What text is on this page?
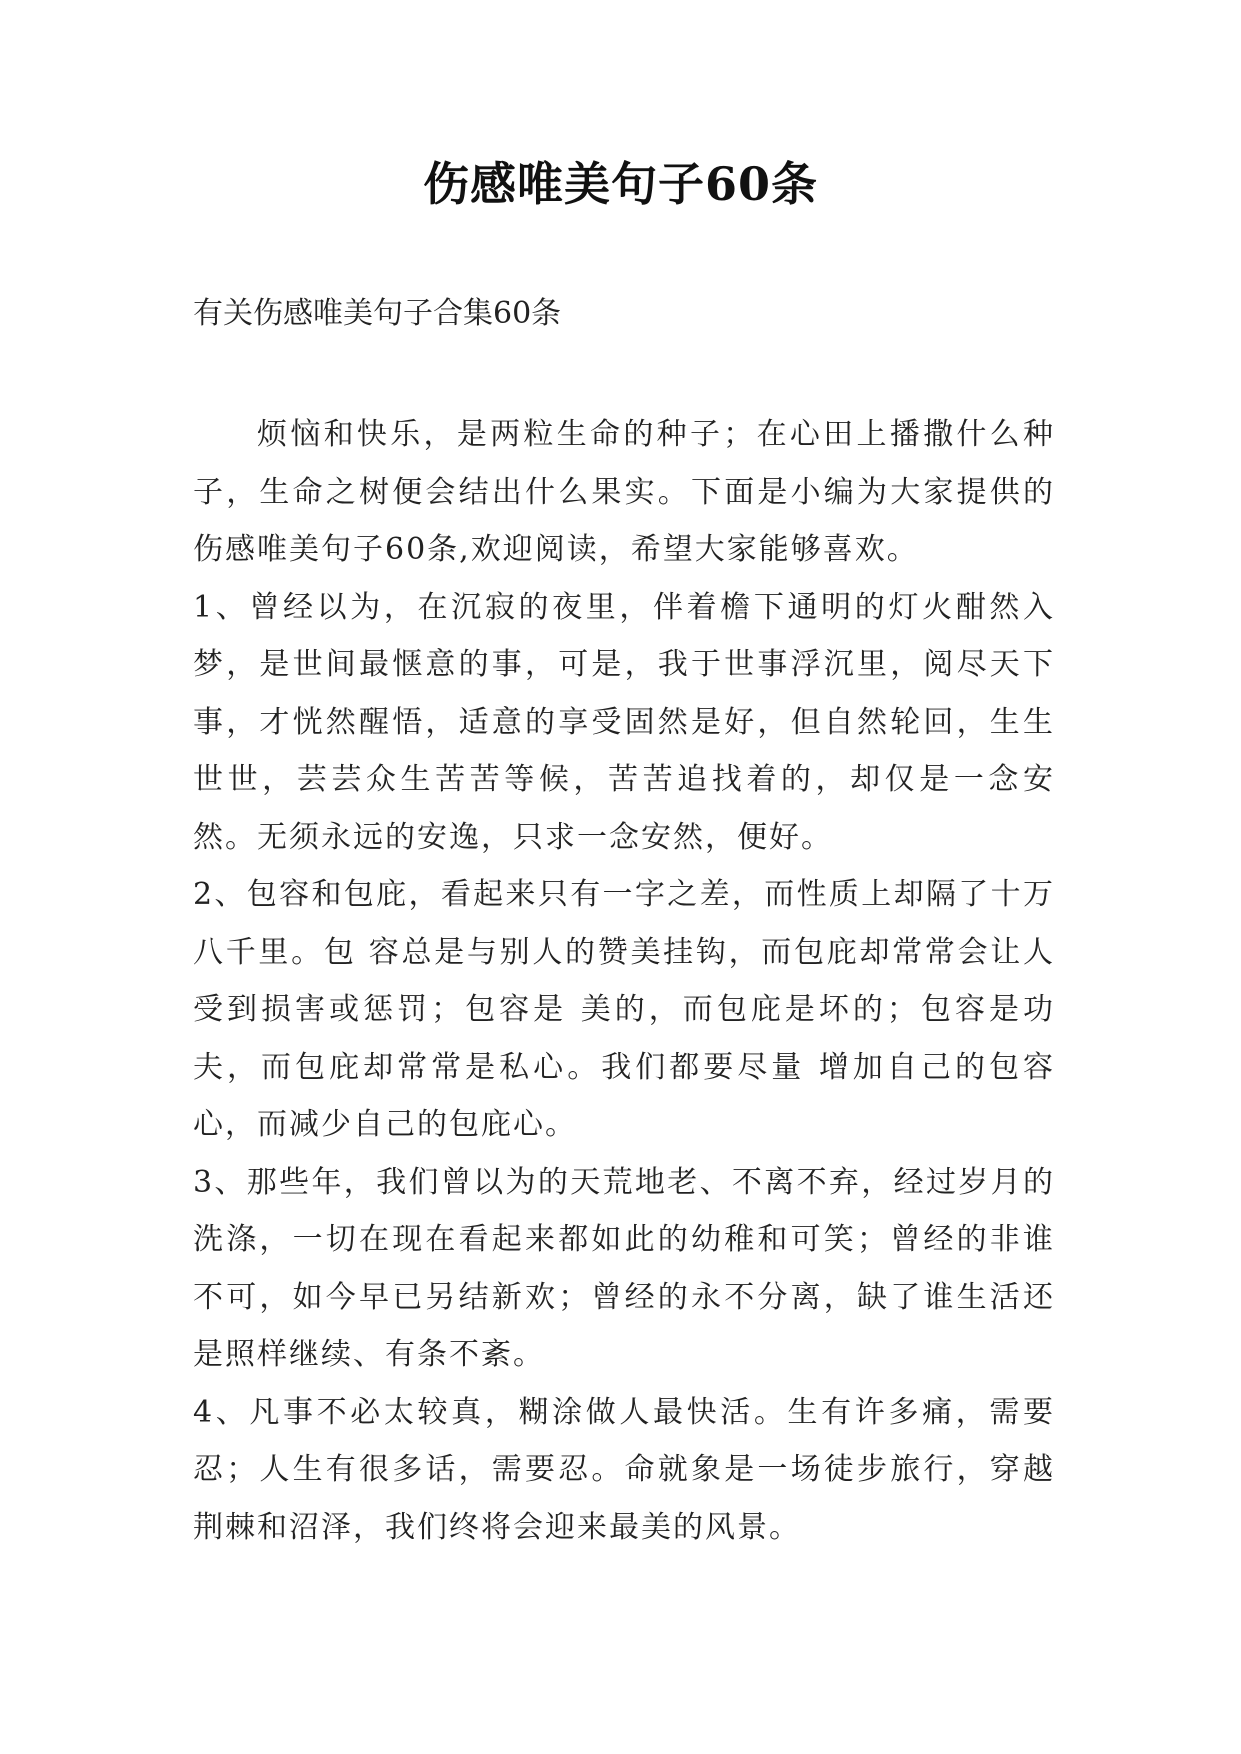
伤感唯美句子60条
有关伤感唯美句子合集60条

烦恼和快乐，是两粒生命的种子；在心田上播撒什么种子，生命之树便会结出什么果实。下面是小编为大家提供的伤感唯美句子60条,欢迎阅读，希望大家能够喜欢。

1、曾经以为，在沉寂的夜里，伴着檐下通明的灯火酣然入梦，是世间最惬意的事，可是，我于世事浮沉里，阅尽天下事，才恍然醒悟，适意的享受固然是好，但自然轮回，生生世世，芸芸众生苦苦等候，苦苦追找着的，却仅是一念安然。无须永远的安逸，只求一念安然，便好。

2、包容和包庇，看起来只有一字之差，而性质上却隔了十万八千里。包 容总是与别人的赞美挂钩，而包庇却常常会让人受到损害或惩罚；包容是 美的，而包庇是坏的；包容是功夫，而包庇却常常是私心。我们都要尽量 增加自己的包容心，而减少自己的包庇心。

3、那些年，我们曾以为的天荒地老、不离不弃，经过岁月的洗涤，一切在现在看起来都如此的幼稚和可笑；曾经的非谁不可，如今早已另结新欢；曾经的永不分离，缺了谁生活还是照样继续、有条不紊。

4、凡事不必太较真，糊涂做人最快活。生有许多痛，需要忍；人生有很多话，需要忍。命就象是一场徒步旅行，穿越荆棘和沼泽，我们终将会迎来最美的风景。
